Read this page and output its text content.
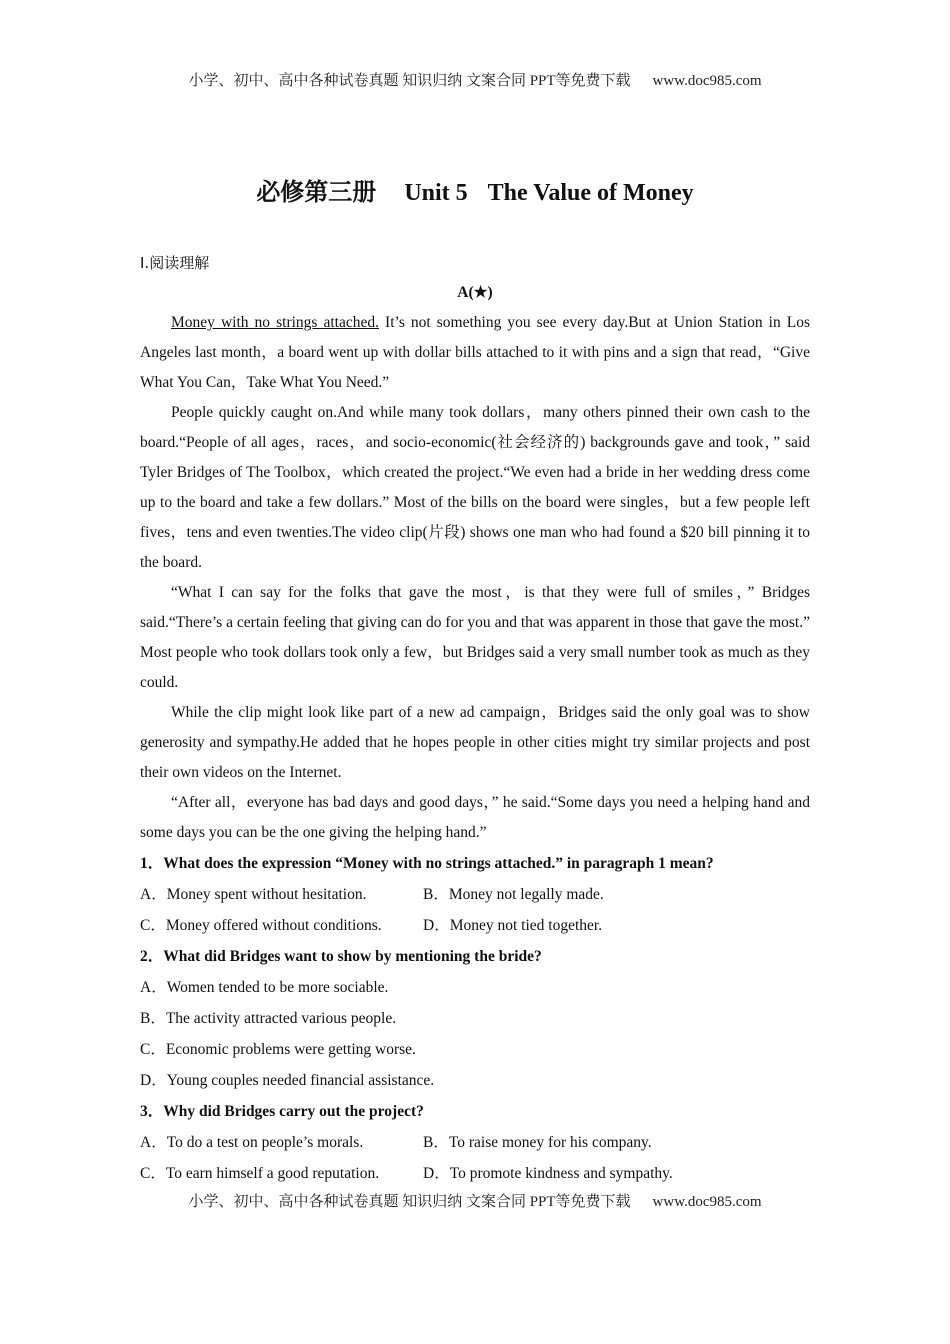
小学、初中、高中各种试卷真题 知识归纳 文案合同 PPT等免费下载 www.doc985.com
必修第三册 Unit 5 The Value of Money

Ⅰ.阅读理解

A(★)

Money with no strings attached. It’s not something you see every day.But at Union Station in Los Angeles last month，a board went up with dollar bills attached to it with pins and a sign that read，“Give What You Can，Take What You Need.”

People quickly caught on.And while many took dollars，many others pinned their own cash to the board.“People of all ages，races，and socio-economic(社会经济的) backgrounds gave and took，” said Tyler Bridges of The Toolbox，which created the project.“We even had a bride in her wedding dress come up to the board and take a few dollars.” Most of the bills on the board were singles，but a few people left fives，tens and even twenties.The video clip(片段) shows one man who had found a $20 bill pinning it to the board.

“What I can say for the folks that gave the most，is that they were full of smiles，” Bridges said.“There’s a certain feeling that giving can do for you and that was apparent in those that gave the most.” Most people who took dollars took only a few，but Bridges said a very small number took as much as they could.

While the clip might look like part of a new ad campaign，Bridges said the only goal was to show generosity and sympathy.He added that he hopes people in other cities might try similar projects and post their own videos on the Internet.

“After all，everyone has bad days and good days，” he said.“Some days you need a helping hand and some days you can be the one giving the helping hand.”

1．What does the expression “Money with no strings attached.” in paragraph 1 mean?

A．Money spent without hesitation.	B．Money not legally made.
C．Money offered without conditions.	D．Money not tied together.

2．What did Bridges want to show by mentioning the bride?

A．Women tended to be more sociable.

B．The activity attracted various people.

C．Economic problems were getting worse.

D．Young couples needed financial assistance.

3．Why did Bridges carry out the project?

A．To do a test on people’s morals.	B．To raise money for his company.
C．To earn himself a good reputation.	D．To promote kindness and sympathy.
小学、初中、高中各种试卷真题 知识归纳 文案合同 PPT等免费下载 www.doc985.com
